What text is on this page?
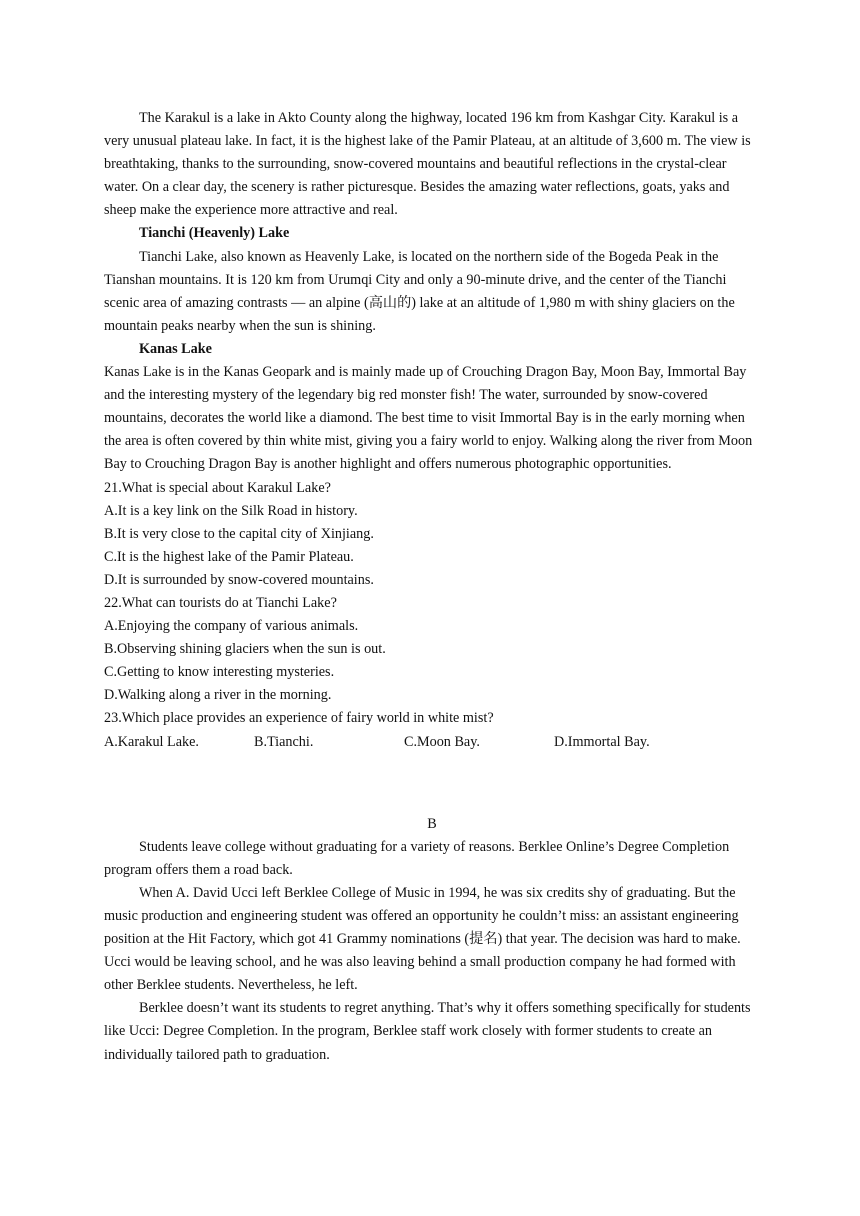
The Karakul is a lake in Akto County along the highway, located 196 km from Kashgar City. Karakul is a very unusual plateau lake. In fact, it is the highest lake of the Pamir Plateau, at an altitude of 3,600 m. The view is breathtaking, thanks to the surrounding, snow-covered mountains and beautiful reflections in the crystal-clear water. On a clear day, the scenery is rather picturesque. Besides the amazing water reflections, goats, yaks and sheep make the experience more attractive and real.

Tianchi (Heavenly) Lake

Tianchi Lake, also known as Heavenly Lake, is located on the northern side of the Bogeda Peak in the Tianshan mountains. It is 120 km from Urumqi City and only a 90-minute drive, and the center of the Tianchi scenic area of amazing contrasts — an alpine (高山的) lake at an altitude of 1,980 m with shiny glaciers on the mountain peaks nearby when the sun is shining.

Kanas Lake

Kanas Lake is in the Kanas Geopark and is mainly made up of Crouching Dragon Bay, Moon Bay, Immortal Bay and the interesting mystery of the legendary big red monster fish! The water, surrounded by snow-covered mountains, decorates the world like a diamond. The best time to visit Immortal Bay is in the early morning when the area is often covered by thin white mist, giving you a fairy world to enjoy. Walking along the river from Moon Bay to Crouching Dragon Bay is another highlight and offers numerous photographic opportunities.

21.What is special about Karakul Lake?

A.It is a key link on the Silk Road in history.

B.It is very close to the capital city of Xinjiang.

C.It is the highest lake of the Pamir Plateau.

D.It is surrounded by snow-covered mountains.

22.What can tourists do at Tianchi Lake?

A.Enjoying the company of various animals.

B.Observing shining glaciers when the sun is out.

C.Getting to know interesting mysteries.

D.Walking along a river in the morning.

23.Which place provides an experience of fairy world in white mist?

A.Karakul Lake.	B.Tianchi.	C.Moon Bay.	D.Immortal Bay.

B

Students leave college without graduating for a variety of reasons. Berklee Online’s Degree Completion program offers them a road back.

When A. David Ucci left Berklee College of Music in 1994, he was six credits shy of graduating. But the music production and engineering student was offered an opportunity he couldn’t miss: an assistant engineering position at the Hit Factory, which got 41 Grammy nominations (提名) that year. The decision was hard to make. Ucci would be leaving school, and he was also leaving behind a small production company he had formed with other Berklee students. Nevertheless, he left.

Berklee doesn’t want its students to regret anything. That’s why it offers something specifically for students like Ucci: Degree Completion. In the program, Berklee staff work closely with former students to create an individually tailored path to graduation.
